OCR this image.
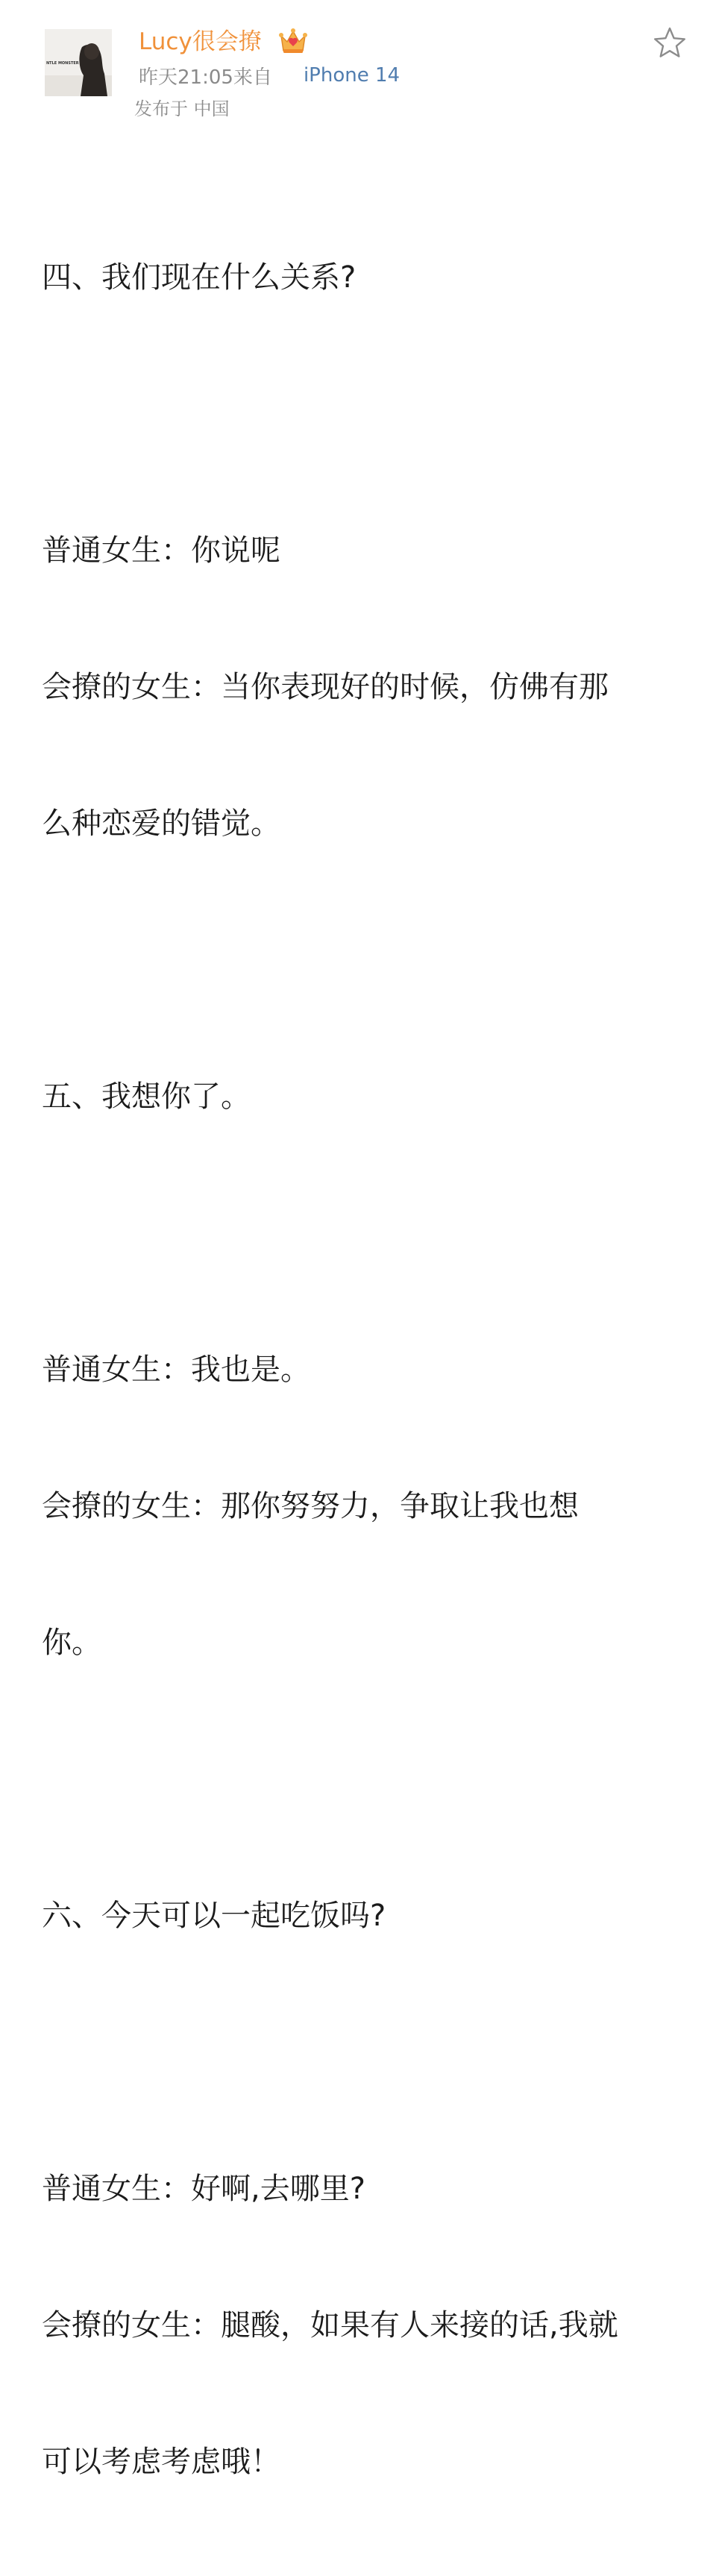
NTLE MONSTER
Lucy很会撩
昨天21:05来自 iPhone 14
发布于 中国

四、我们现在什么关系?

普通女生：你说呢

会撩的女生：当你表现好的时候，仿佛有那

么种恋爱的错觉。

五、我想你了。

普通女生：我也是。

会撩的女生：那你努努力，争取让我也想

你。

六、今天可以一起吃饭吗?

普通女生：好啊,去哪里?

会撩的女生：腿酸，如果有人来接的话,我就

可以考虑考虑哦！
